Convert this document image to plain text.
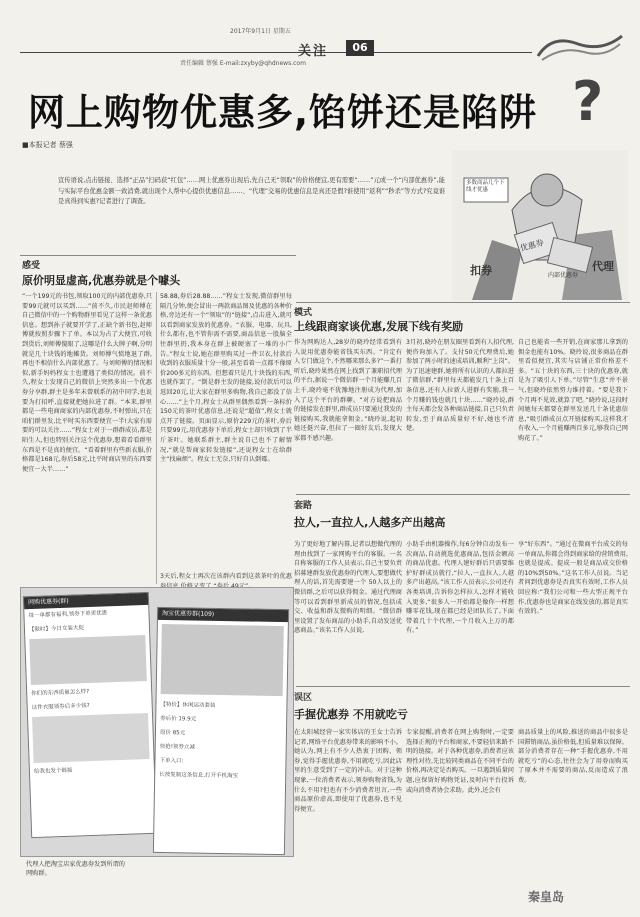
2017年9月1日 星期五
关注	06
责任编辑 蔡强 E-mail:zxyby@qhdnews.com
网上购物优惠多,馅饼还是陷阱 ?
■本报记者 蔡强
宣传语说,点击链接、选择“正品”扫码获“红包”……网上优惠券出现后,先自己无“领取”的价格便宜,更有需要“……”元或一个“内部优惠券”,能与实际平台优惠金额一致消费,就出现个人帮中心提供优惠信息……、“代理”交易的优惠信息是真还是假?谁使用“返利”“秒杀”等方式?究竟谁是真得到实惠?记者进行了调查。
多数商品几个下线才优惠
扣券	代理
优惠券
内部优惠券
感受
原价明显虚高,优惠券就是个噱头
“一个199元的书包,领取100元的内部优惠券,只要99元就可以买到……”前不久,市民赵师傅在自己微信中的一个购物群里看见了这样一条优惠信息。想到孙子就要开学了,正缺个新书包,赵师傅就按照步骤下了单。本以为占了大便宜,可收到货后,刘师傅傻眼了,这哪是什么大牌子啊,分明就是几十块钱的地摊货。刘师傅气愤地退了群,再也不相信什么内部优惠了。与刘师傅的情况相似,新手妈妈程女士也遭遇了类似的情况。前不久,程女士发现自己的微信上突然多出一个优惠券分享群,群主是多年未曾联系的初中同学,也说要为打招呼,直接就把她拉进了群。“本来,群里都是一些电商商家的内部优惠券,不时弹出,只在咱们群里发,比平时买东西要便宜一半!大家有需要的可以关注……”程女士对于一群群成员,都是陌生人,但也特别关注这个优惠券,想着看看群里东西是不是真的便宜。“看着群里有些新衣服,价格都是168元,券后58元,比平时商店里的东西要便宜一大半……”
58.88,券后28.88……”程女士发现,微信群里每隔几分钟,便会冒出一两款商品图及优惠的各种价格,旁边还有一个“领取”的“链接”,点击进入,就可以看到商家发放的优惠券。“衣服、电器、玩具,什么都有,也不管你需不需要,商品信息一股脑全往群里扔,我本身在群上被硬塞了一堆的小广告。”程女士说,她在群里购买过一件卫衣,付款后收到的衣服质量十分一般,甚至看着一点都不像原价200多元的东西。但想着只是几十块钱的东西,也就作罢了。“倒是群主发的链接,说付款后可以返回20元,让大家在群里多购物,我自己都没了信心……”上个月,程女士从群里偶然看到一条标价150元的茶叶优惠信息,还说是“超值”,程女士就点开了链接。页面显示,原价229元的茶叶,券后只要99元,用优惠券下单后,程女士却只收到了半斤茶叶。她联系群主,群主说自己也不了解情况,“就是帮商家转发链接”,还说程女士在给群主“找麻烦”。程女士无奈,只好自认倒霉。
3天后,程女士再次在该群内看到这款茶叶的优惠
模式
上线跟商家谈优惠,发展下线有奖励
作为网购达人,28岁的晓玲经常看到有人说用优惠券能省钱买东西。“肯定有人专门做这个,不然哪来那么多?”一番打听后,晓玲果然在网上找到了兼职招代理的平台,据说一个微信群一个月能赚几百上千,晓玲毫不犹豫地注册成为代理,加入了这个平台的群聊。“对方说把商品的链接发在群里,群成员只要通过我发的链接购买,我就能拿佣金。”晓玲说,起初她还挺兴奋,但拉了一圈好友后,发现大家都不感兴趣。
3月初,晓玲在朋友圈里看到有人招代理,便咨询加入了。支付50元代理费后,她参加了两小时的速成培训,顺利“上岗”。为了迅速建群,她将所有认识的人都拉进了微信群,“群里每天都能发几十条上百条信息,还有人拉新人进群有奖励,我一个月赚的钱也就几十块……”晓玲说,群主每天都会发各种商品链接,自己只负责转发,至于商品质量好不好,她也不清楚。
自己也能省一些开销,在商家那儿拿到的佣金也能有10%。晓玲说,很多商品在群里看似便宜,其实与店铺正常价格差不多。“五十块的东西,三十块的优惠券,就是为了吸引人下单。”尽管“生意”并不景气,但晓玲依然努力维持着。“要是我下个月再不见效,就算了吧。”晓玲说,这段时间她每天都要在群里发送几十条优惠信息,“吸引群成员点开链接购买,这样我才有收入,一个月能赚两百多元,够我自己网购花了。”
套路
拉人,一直拉人,人越多产出越高
为了更好地了解内幕,记者以想做代理的理由找到了一家网购平台的客服。一名自称客服的工作人员表示,自己主要负责招募建群发放优惠券的代理人,要想做代理人的话,首先需要建一个 50人以上的微信群,之后可以获得佣金。通过代理商等可以看到群里新成员的情况,包括成交、收益和群友微购的明细。“微信群里设置了发布商品的小助手,自动发送优惠商品。”该名工作人员说,
小助手由机器操作,每6分钟自动发布一次商品,自动挑选优惠商品,包括金额高的商品优惠。代理人建好群后只需要维护好群成员就行,“拉人,一直拉人,人越多产出越高。”该工作人员表示,公司还有各类培训,告诉你怎样拉人,怎样才能收入更多,“很多人一开始都是像你一样想赚零花钱,现在都已经是团队长了,下面带着几十个代理,一个月收入上万的都有。”
享“好东西”。“通过在微商平台成交的每一单商品,你都会得到商家给的营销费用,也就是提成。提成一般是商品成交价格的10%到50%。”这名工作人员说。当记者问到优惠券是否真实有效时,工作人员回应称:“我们公司和一些大型正规平台作,优惠券也是商家在线发放的,都是真实有效的。”
误区
手握优惠券 不用就吃亏
在太阳城经营一家实体店的王女士告诉记者,网络平台优惠券带来的影响不小。她认为,网上有不少人热衷于团购、领券,觉得手握优惠券,不用就吃亏,因此店里的生意受到了一定的冲击。对于这种现象,一位消费者表示,领券购物省钱,为什么不用?但也有不少消费者坦言,一些商品原价虚高,即使用了优惠券,也不见得便宜。
专家提醒,消费者在网上购物时,一定要选择正规的平台和商家,不要轻信来路不明的链接。对于各种优惠券,消费者应该理性对待,先比较同类商品在不同平台的价格,再决定是否购买。一旦遇到质量问题,应保留好购物凭证,及时向平台投诉或向消费者协会求助。此外,还会有
商品质量上的风险,推送的商品中很多是国滞销商品,虽价格低,但质量难以保障。部分消费者存在一种“手握优惠券,不用就吃亏”的心态,往往会为了用券而购买了原本并不需要的商品,反而造成了浪费。
网购优惠券(群)
每一单都有福利,领券下单更优惠
【限时】今日女装大促
你们的东西质量怎么样?
这件衣服领券后多少钱?
给我也发个链接
淘宝优惠券群(109)
【特价】休闲运动套装
券后价 19.9元
原价 85元
快抢!领券立减
下单入口:
长按复制这条信息,打开手机淘宝
代理人把淘宝店家优惠券发到所谓的网购群。
秦皇岛
